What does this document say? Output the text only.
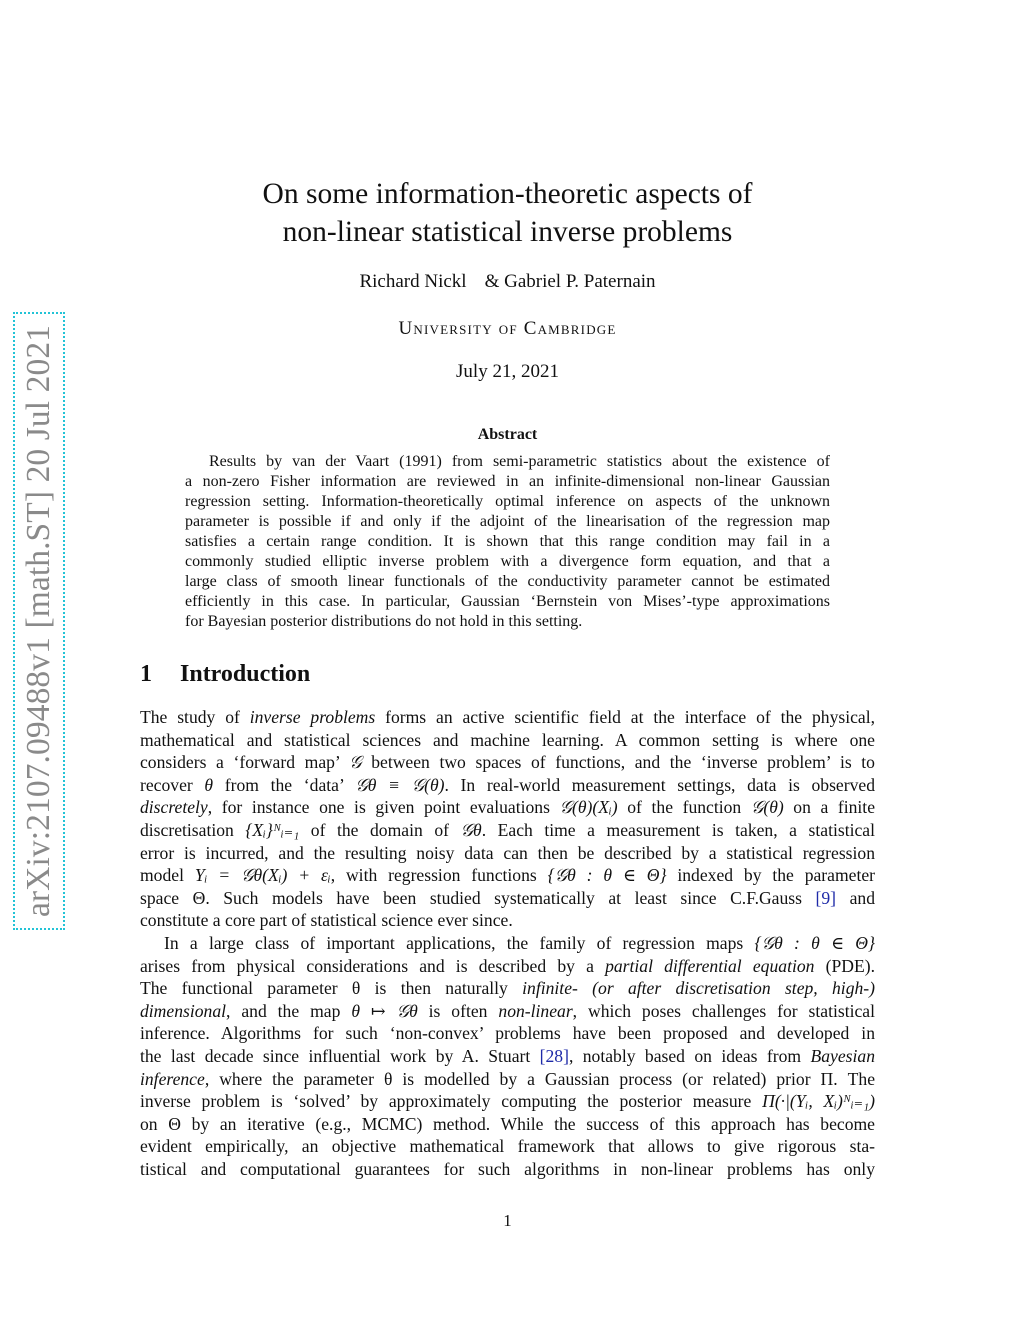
arXiv:2107.09488v1 [math.ST] 20 Jul 2021
On some information-theoretic aspects of
non-linear statistical inverse problems
Richard Nickl & Gabriel P. Paternain
University of Cambridge
July 21, 2021
Abstract
Results by van der Vaart (1991) from semi-parametric statistics about the existence of
a non-zero Fisher information are reviewed in an infinite-dimensional non-linear Gaussian
regression setting. Information-theoretically optimal inference on aspects of the unknown
parameter is possible if and only if the adjoint of the linearisation of the regression map
satisfies a certain range condition. It is shown that this range condition may fail in a
commonly studied elliptic inverse problem with a divergence form equation, and that a
large class of smooth linear functionals of the conductivity parameter cannot be estimated
efficiently in this case. In particular, Gaussian ‘Bernstein von Mises’-type approximations
for Bayesian posterior distributions do not hold in this setting.
1 Introduction
The study of inverse problems forms an active scientific field at the interface of the physical,
mathematical and statistical sciences and machine learning. A common setting is where one
considers a ‘forward map’ 𝒢 between two spaces of functions, and the ‘inverse problem’ is to
recover θ from the ‘data’ 𝒢θ ≡ 𝒢(θ). In real-world measurement settings, data is observed
discretely, for instance one is given point evaluations 𝒢(θ)(Xᵢ) of the function 𝒢(θ) on a finite
discretisation {Xᵢ}ᴺᵢ₌₁ of the domain of 𝒢θ. Each time a measurement is taken, a statistical
error is incurred, and the resulting noisy data can then be described by a statistical regression
model Yᵢ = 𝒢θ(Xᵢ) + εᵢ, with regression functions {𝒢θ : θ ∈ Θ} indexed by the parameter
space Θ. Such models have been studied systematically at least since C.F.Gauss [9] and
constitute a core part of statistical science ever since.
In a large class of important applications, the family of regression maps {𝒢θ : θ ∈ Θ}
arises from physical considerations and is described by a partial differential equation (PDE).
The functional parameter θ is then naturally infinite- (or after discretisation step, high-)
dimensional, and the map θ ↦ 𝒢θ is often non-linear, which poses challenges for statistical
inference. Algorithms for such ‘non-convex’ problems have been proposed and developed in
the last decade since influential work by A. Stuart [28], notably based on ideas from Bayesian
inference, where the parameter θ is modelled by a Gaussian process (or related) prior Π. The
inverse problem is ‘solved’ by approximately computing the posterior measure Π(·|(Yᵢ, Xᵢ)ᴺᵢ₌₁)
on Θ by an iterative (e.g., MCMC) method. While the success of this approach has become
evident empirically, an objective mathematical framework that allows to give rigorous sta-
tistical and computational guarantees for such algorithms in non-linear problems has only
1
